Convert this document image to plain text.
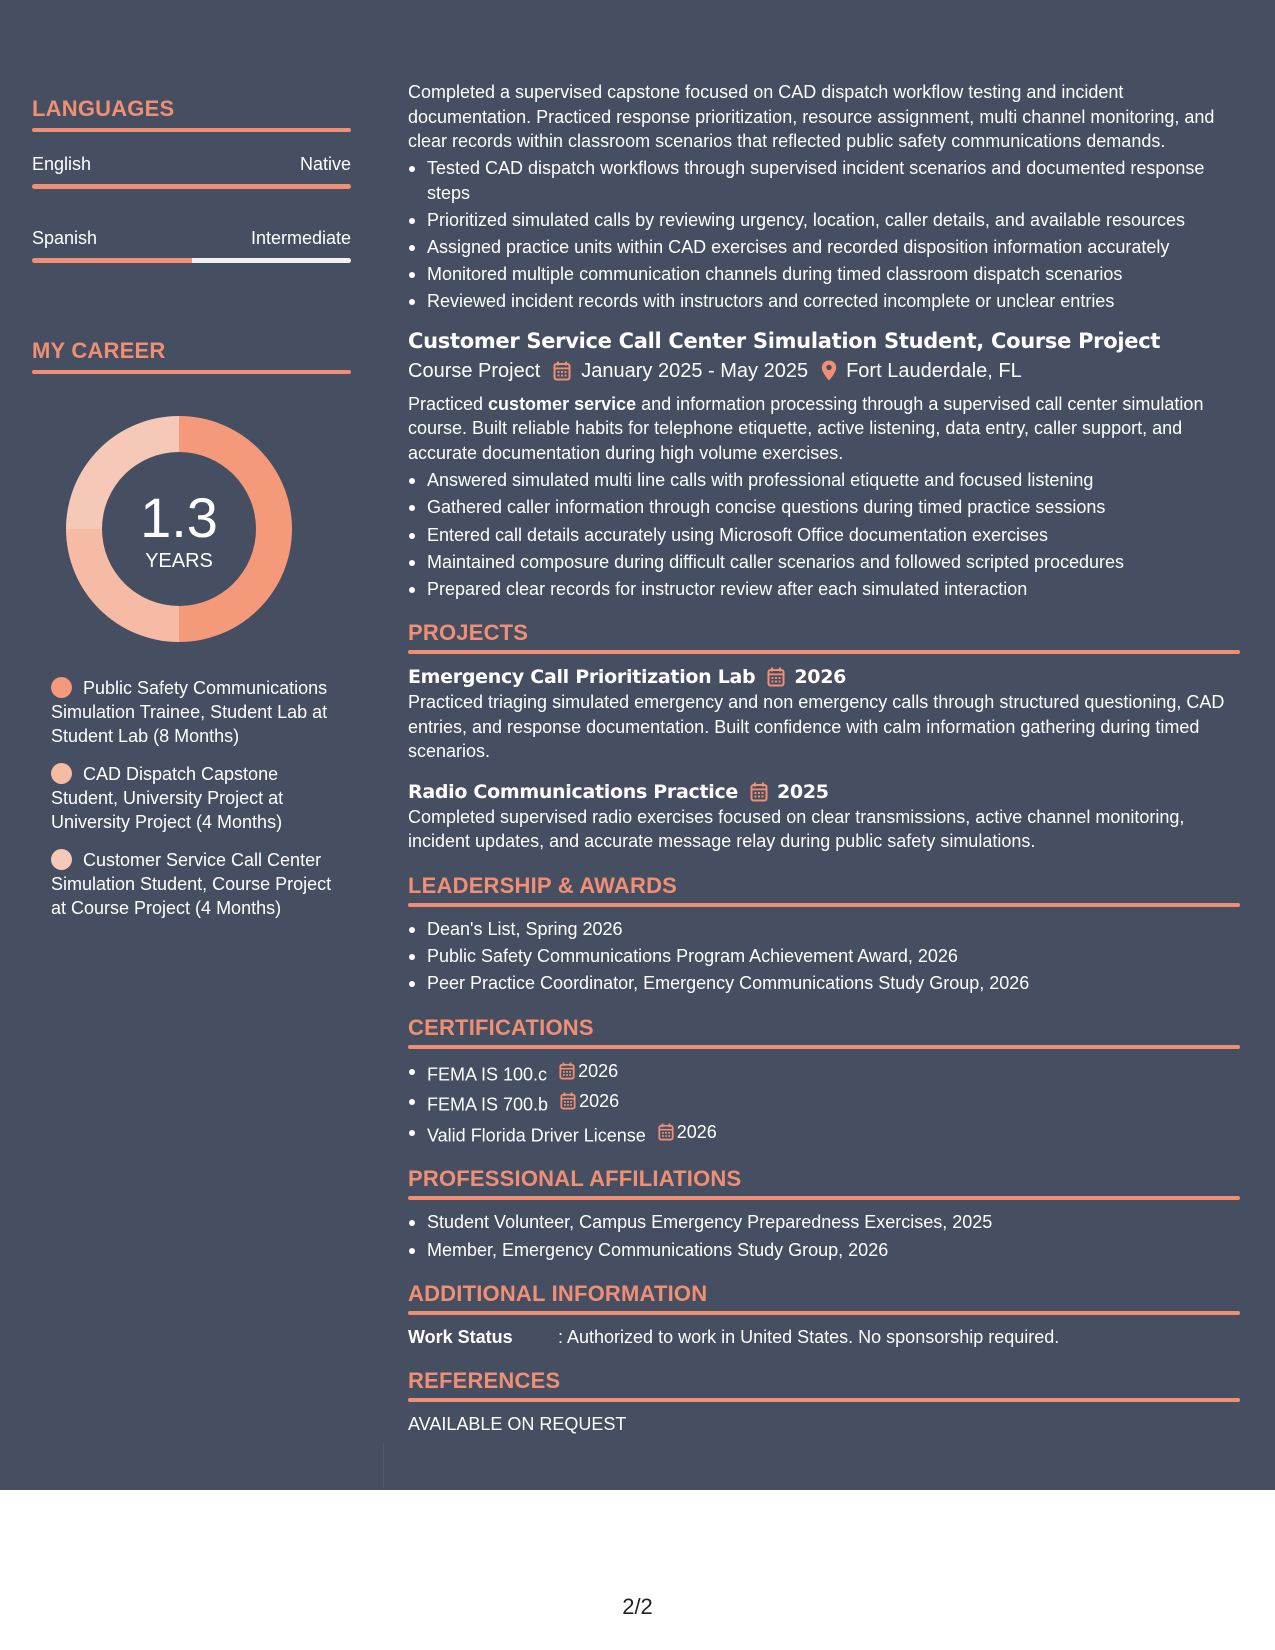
LANGUAGES
English	Native
Spanish	Intermediate
MY CAREER
1.3
YEARS
Public Safety Communications Simulation Trainee, Student Lab at Student Lab (8 Months)
CAD Dispatch Capstone Student, University Project at University Project (4 Months)
Customer Service Call Center Simulation Student, Course Project at Course Project (4 Months)

Completed a supervised capstone focused on CAD dispatch workflow testing and incident documentation. Practiced response prioritization, resource assignment, multi channel monitoring, and clear records within classroom scenarios that reflected public safety communications demands.

Tested CAD dispatch workflows through supervised incident scenarios and documented response steps
Prioritized simulated calls by reviewing urgency, location, caller details, and available resources
Assigned practice units within CAD exercises and recorded disposition information accurately
Monitored multiple communication channels during timed classroom dispatch scenarios
Reviewed incident records with instructors and corrected incomplete or unclear entries
Customer Service Call Center Simulation Student, Course Project
Course Project January 2025 - May 2025 Fort Lauderdale, FL

Practiced customer service and information processing through a supervised call center simulation course. Built reliable habits for telephone etiquette, active listening, data entry, caller support, and accurate documentation during high volume exercises.

Answered simulated multi line calls with professional etiquette and focused listening
Gathered caller information through concise questions during timed practice sessions
Entered call details accurately using Microsoft Office documentation exercises
Maintained composure during difficult caller scenarios and followed scripted procedures
Prepared clear records for instructor review after each simulated interaction
PROJECTS
Emergency Call Prioritization Lab 2026

Practiced triaging simulated emergency and non emergency calls through structured questioning, CAD entries, and response documentation. Built confidence with calm information gathering during timed scenarios.

Radio Communications Practice 2025

Completed supervised radio exercises focused on clear transmissions, active channel monitoring, incident updates, and accurate message relay during public safety simulations.

LEADERSHIP & AWARDS
Dean's List, Spring 2026
Public Safety Communications Program Achievement Award, 2026
Peer Practice Coordinator, Emergency Communications Study Group, 2026
CERTIFICATIONS
FEMA IS 100.c 2026
FEMA IS 700.b 2026
Valid Florida Driver License 2026
PROFESSIONAL AFFILIATIONS
Student Volunteer, Campus Emergency Preparedness Exercises, 2025
Member, Emergency Communications Study Group, 2026
ADDITIONAL INFORMATION
Work Status	: Authorized to work in United States. No sponsorship required.
REFERENCES

AVAILABLE ON REQUEST

2/2
